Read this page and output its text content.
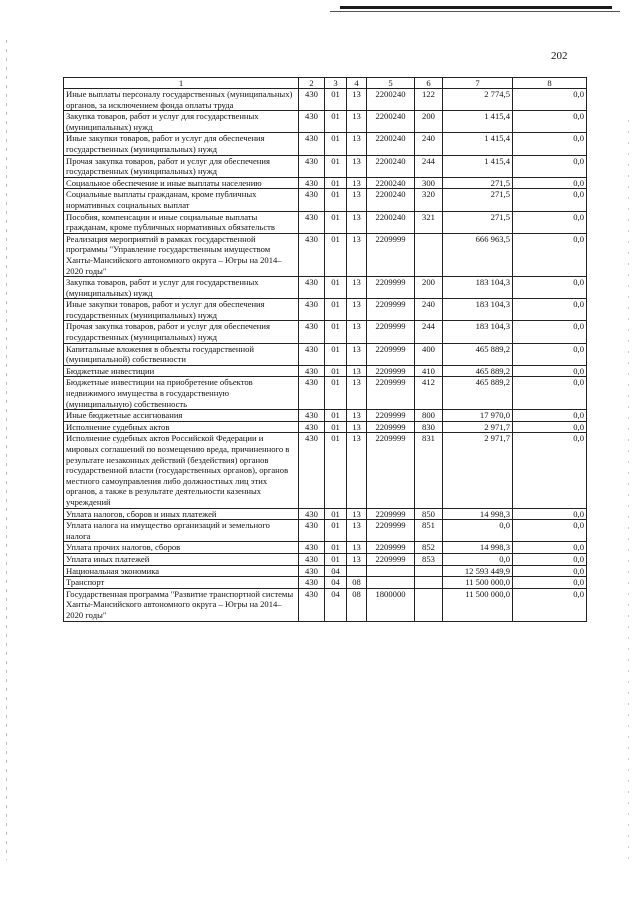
202
1	2	3	4	5	6	7	8
Иные выплаты персоналу государственных (муниципальных) органов, за исключением фонда оплаты труда	430	01	13	2200240	122	2 774,5	0,0
Закупка товаров, работ и услуг для государственных (муниципальных) нужд	430	01	13	2200240	200	1 415,4	0,0
Иные закупки товаров, работ и услуг для обеспечения государственных (муниципальных) нужд	430	01	13	2200240	240	1 415,4	0,0
Прочая закупка товаров, работ и услуг для обеспечения государственных (муниципальных) нужд	430	01	13	2200240	244	1 415,4	0,0
Социальное обеспечение и иные выплаты населению	430	01	13	2200240	300	271,5	0,0
Социальные выплаты гражданам, кроме публичных нормативных социальных выплат	430	01	13	2200240	320	271,5	0,0
Пособия, компенсации и иные социальные выплаты гражданам, кроме публичных нормативных обязательств	430	01	13	2200240	321	271,5	0,0
Реализация мероприятий в рамках государственной программы "Управление государственным имуществом Ханты-Мансийского автономного округа – Югры на 2014–2020 годы"	430	01	13	2209999		666 963,5	0,0
Закупка товаров, работ и услуг для государственных (муниципальных) нужд	430	01	13	2209999	200	183 104,3	0,0
Иные закупки товаров, работ и услуг для обеспечения государственных (муниципальных) нужд	430	01	13	2209999	240	183 104,3	0,0
Прочая закупка товаров, работ и услуг для обеспечения государственных (муниципальных) нужд	430	01	13	2209999	244	183 104,3	0,0
Капитальные вложения в объекты государственной (муниципальной) собственности	430	01	13	2209999	400	465 889,2	0,0
Бюджетные инвестиции	430	01	13	2209999	410	465 889,2	0,0
Бюджетные инвестиции на приобретение объектов недвижимого имущества в государственную (муниципальную) собственность	430	01	13	2209999	412	465 889,2	0,0
Иные бюджетные ассигнования	430	01	13	2209999	800	17 970,0	0,0
Исполнение судебных актов	430	01	13	2209999	830	2 971,7	0,0
Исполнение судебных актов Российской Федерации и мировых соглашений по возмещению вреда, причиненного в результате незаконных действий (бездействия) органов государственной власти (государственных органов), органов местного самоуправления либо должностных лиц этих органов, а также в результате деятельности казенных учреждений	430	01	13	2209999	831	2 971,7	0,0
Уплата налогов, сборов и иных платежей	430	01	13	2209999	850	14 998,3	0,0
Уплата налога на имущество организаций и земельного налога	430	01	13	2209999	851	0,0	0,0
Уплата прочих налогов, сборов	430	01	13	2209999	852	14 998,3	0,0
Уплата иных платежей	430	01	13	2209999	853	0,0	0,0
Национальная экономика	430	04				12 593 449,9	0,0
Транспорт	430	04	08			11 500 000,0	0,0
Государственная программа "Развитие транспортной системы Ханты-Мансийского автономного округа – Югры на 2014–2020 годы"	430	04	08	1800000		11 500 000,0	0,0
